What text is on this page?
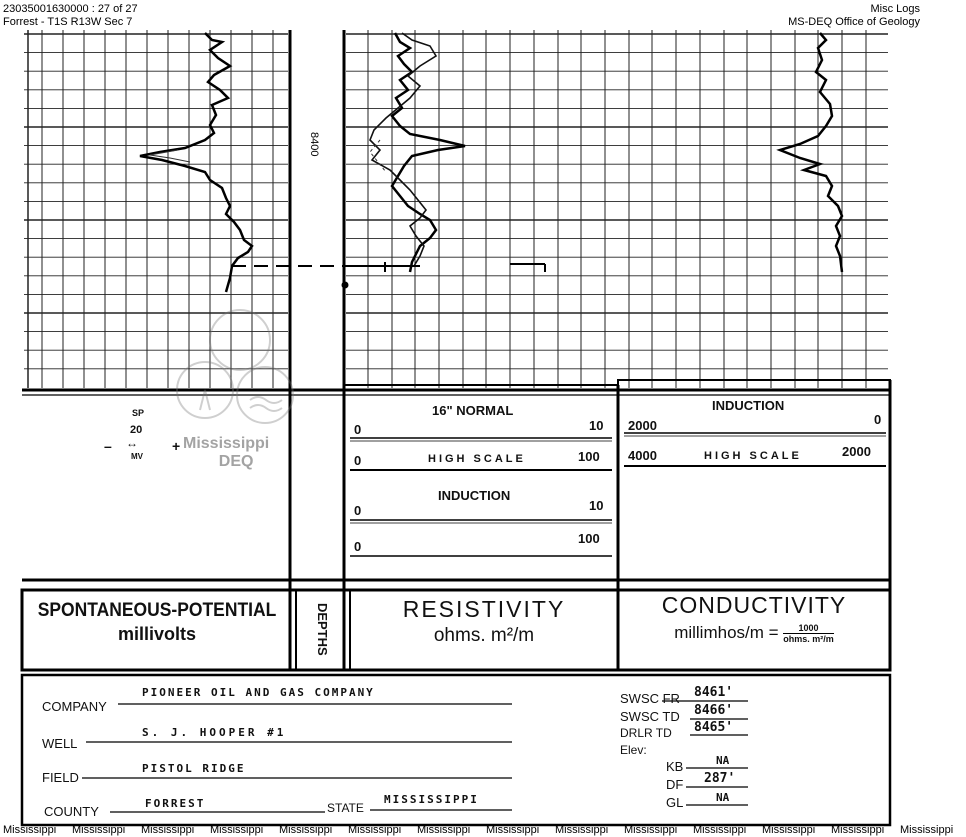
23035001630000 : 27 of 27
Forrest - T1S R13W Sec 7
Misc Logs
MS-DEQ Office of Geology
8400
Mississippi
DEQ
SP
20
↔
MV
–	+
16" NORMAL
0	10
0	HIGH SCALE	100
INDUCTION
0	10
0
100
INDUCTION
2000	0
4000	HIGH SCALE	2000
SPONTANEOUS-POTENTIAL
millivolts	DEPTHS	RESISTIVITY
ohms. m²/m
CONDUCTIVITY
millimhos/m =	1000
ohms. m²/m
COMPANY
PIONEER OIL AND GAS COMPANY
WELL
S. J. HOOPER #1
FIELD
PISTOL RIDGE
COUNTY
FORREST	STATE
MISSISSIPPI
SWSC FR 8461'
SWSC TD 8466'
DRLR TD 8465'
Elev:
KB	NA
DF 287'
GL	NA
Mississippi Mississippi Mississippi Mississippi Mississippi Mississippi Mississippi Mississippi Mississippi Mississippi Mississippi Mississippi Mississippi Mississippi
